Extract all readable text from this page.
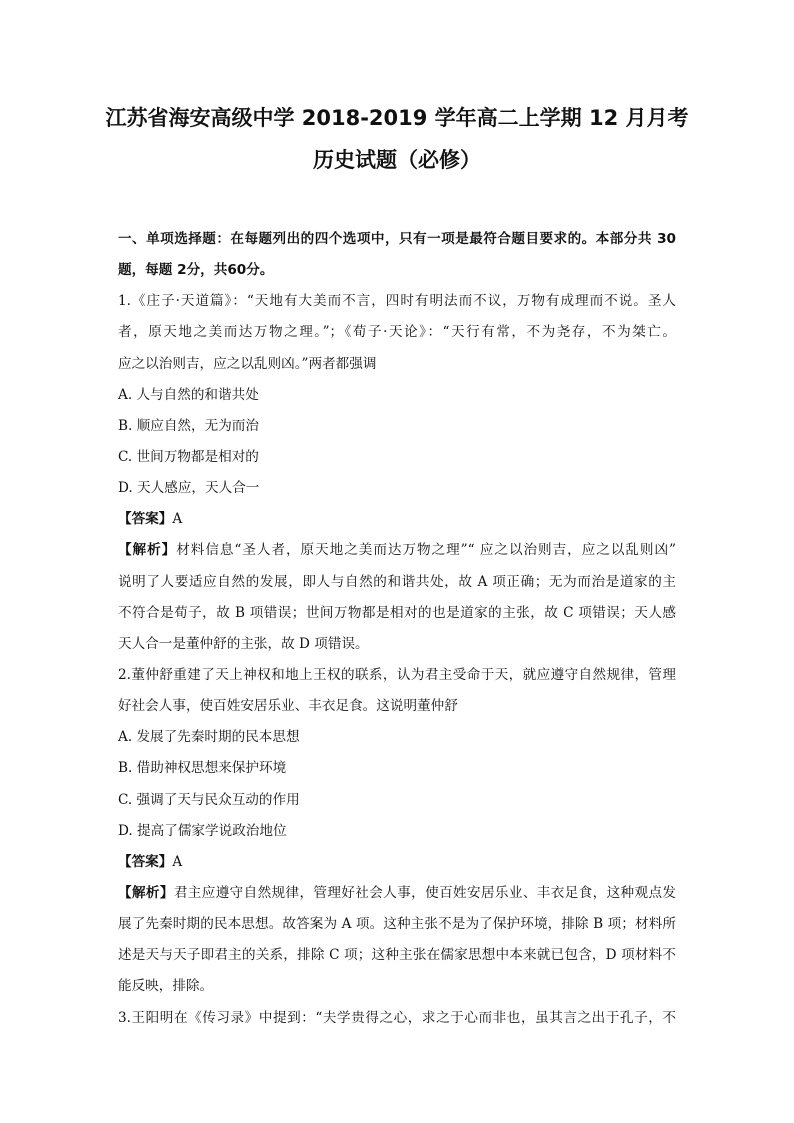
江苏省海安高级中学 2018-2019 学年高二上学期 12 月月考
历史试题（必修）
一、单项选择题：在每题列出的四个选项中，只有一项是最符合题目要求的。本部分共 30
题，每题 2分，共60分。
1.《庄子·天道篇》：“天地有大美而不言，四时有明法而不议，万物有成理而不说。圣人
者，原天地之美而达万物之理。”；《荀子·天论》：“天行有常，不为尧存，不为桀亡。
应之以治则吉，应之以乱则凶。”两者都强调
A. 人与自然的和谐共处
B. 顺应自然，无为而治
C. 世间万物都是相对的
D. 天人感应，天人合一
【答案】A
【解析】材料信息“圣人者，原天地之美而达万物之理”“ 应之以治则吉，应之以乱则凶”
说明了人要适应自然的发展，即人与自然的和谐共处，故 A 项正确；无为而治是道家的主
不符合是荀子，故 B 项错误；世间万物都是相对的也是道家的主张，故 C 项错误；天人感
天人合一是董仲舒的主张，故 D 项错误。
2.董仲舒重建了天上神权和地上王权的联系，认为君主受命于天，就应遵守自然规律，管理
好社会人事，使百姓安居乐业、丰衣足食。这说明董仲舒
A. 发展了先秦时期的民本思想
B. 借助神权思想来保护环境
C. 强调了天与民众互动的作用
D. 提高了儒家学说政治地位
【答案】A
【解析】君主应遵守自然规律，管理好社会人事，使百姓安居乐业、丰衣足食，这种观点发
展了先秦时期的民本思想。故答案为 A 项。这种主张不是为了保护环境，排除 B 项；材料所
述是天与天子即君主的关系，排除 C 项；这种主张在儒家思想中本来就已包含，D 项材料不
能反映，排除。
3.王阳明在《传习录》中提到：“夫学贵得之心，求之于心而非也，虽其言之出于孔子，不
